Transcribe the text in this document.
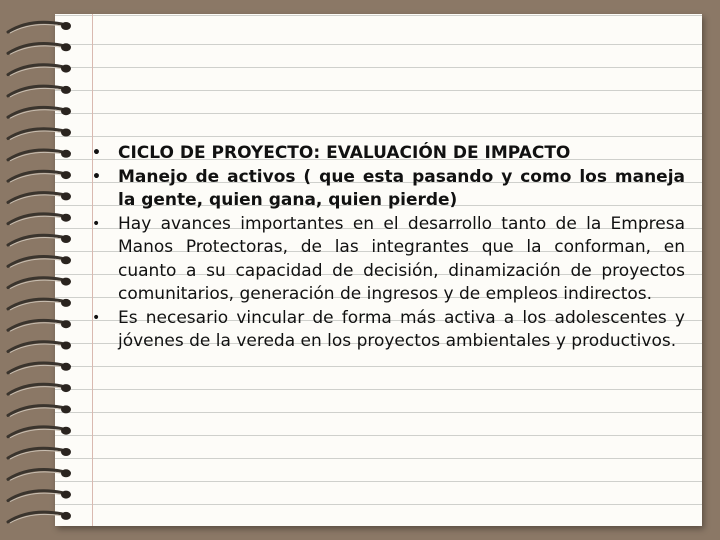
• CICLO DE PROYECTO: EVALUACIÓN DE IMPACTO
• Manejo de activos ( que esta pasando y como los maneja la gente, quien gana, quien pierde)
• Hay avances importantes en el desarrollo tanto de la Empresa Manos Protectoras, de las integrantes que la conforman, en cuanto a su capacidad de decisión, dinamización de proyectos comunitarios, generación de ingresos y de empleos indirectos.
• Es necesario vincular de forma más activa a los adolescentes y jóvenes de la vereda en los proyectos ambientales y productivos.
